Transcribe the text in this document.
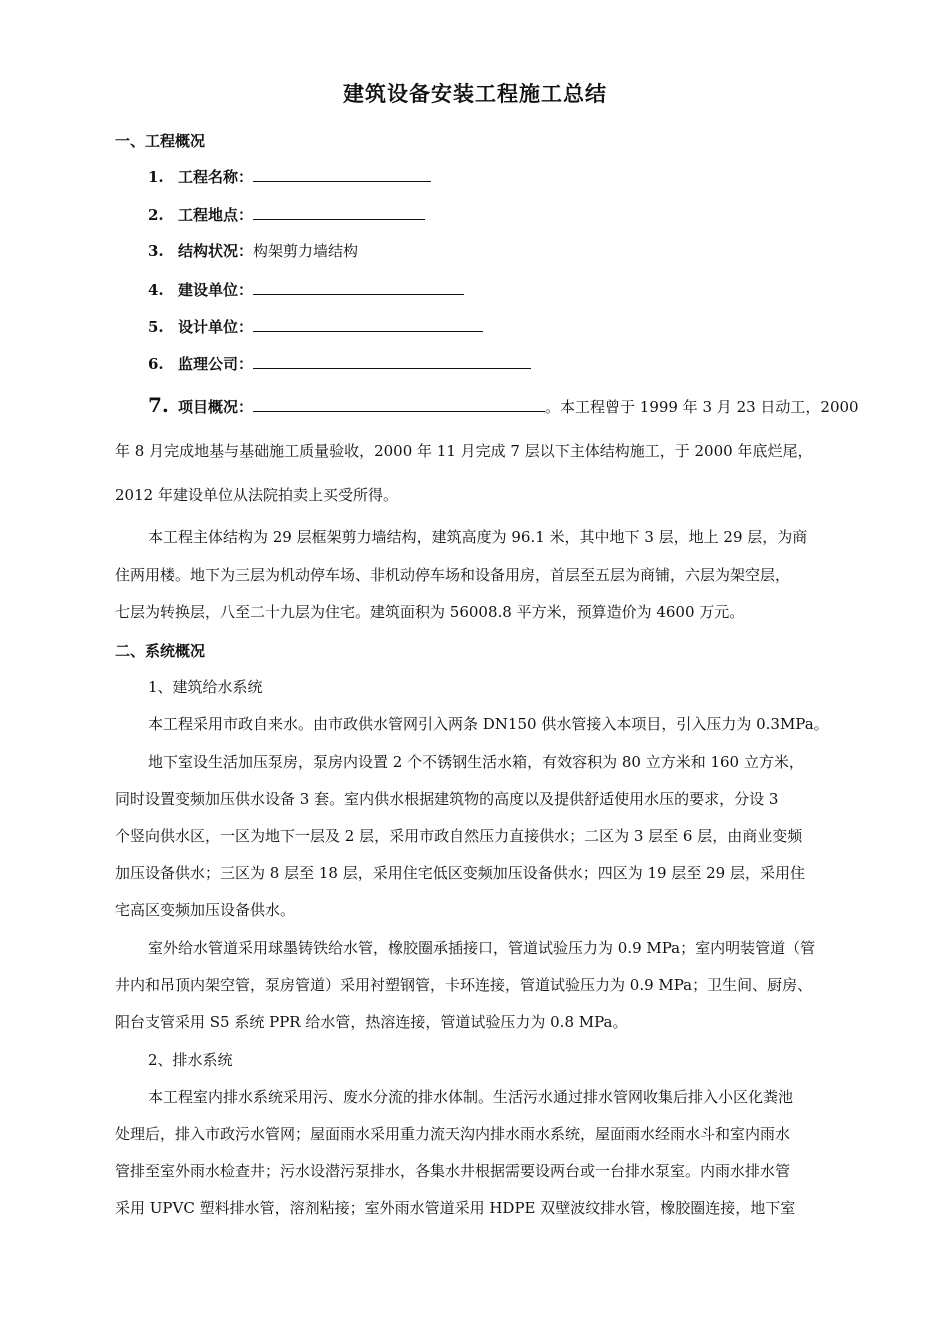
建筑设备安装工程施工总结
一、工程概况
1. 工程名称：
2. 工程地点：
3. 结构状况：构架剪力墙结构
4. 建设单位：
5. 设计单位：
6. 监理公司：
7. 项目概况：	。本工程曾于 1999 年 3 月 23 日动工，2000
年 8 月完成地基与基础施工质量验收，2000 年 11 月完成 7 层以下主体结构施工，于 2000 年底烂尾，
2012 年建设单位从法院拍卖上买受所得。
本工程主体结构为 29 层框架剪力墙结构，建筑高度为 96.1 米，其中地下 3 层，地上 29 层，为商
住两用楼。地下为三层为机动停车场、非机动停车场和设备用房，首层至五层为商铺，六层为架空层，
七层为转换层，八至二十九层为住宅。建筑面积为 56008.8 平方米，预算造价为 4600 万元。
二、系统概况
1、建筑给水系统
本工程采用市政自来水。由市政供水管网引入两条 DN150 供水管接入本项目，引入压力为 0.3MPa。
地下室设生活加压泵房，泵房内设置 2 个不锈钢生活水箱，有效容积为 80 立方米和 160 立方米，
同时设置变频加压供水设备 3 套。室内供水根据建筑物的高度以及提供舒适使用水压的要求，分设 3
个竖向供水区，一区为地下一层及 2 层，采用市政自然压力直接供水；二区为 3 层至 6 层，由商业变频
加压设备供水；三区为 8 层至 18 层，采用住宅低区变频加压设备供水；四区为 19 层至 29 层，采用住
宅高区变频加压设备供水。
室外给水管道采用球墨铸铁给水管，橡胶圈承插接口，管道试验压力为 0.9 MPa；室内明装管道（管
井内和吊顶内架空管，泵房管道）采用衬塑钢管，卡环连接，管道试验压力为 0.9 MPa；卫生间、厨房、
阳台支管采用 S5 系统 PPR 给水管，热溶连接，管道试验压力为 0.8 MPa。
2、排水系统
本工程室内排水系统采用污、废水分流的排水体制。生活污水通过排水管网收集后排入小区化粪池
处理后，排入市政污水管网；屋面雨水采用重力流天沟内排水雨水系统，屋面雨水经雨水斗和室内雨水
管排至室外雨水检查井；污水设潜污泵排水，各集水井根据需要设两台或一台排水泵室。内雨水排水管
采用 UPVC 塑料排水管，溶剂粘接；室外雨水管道采用 HDPE 双壁波纹排水管，橡胶圈连接，地下室
